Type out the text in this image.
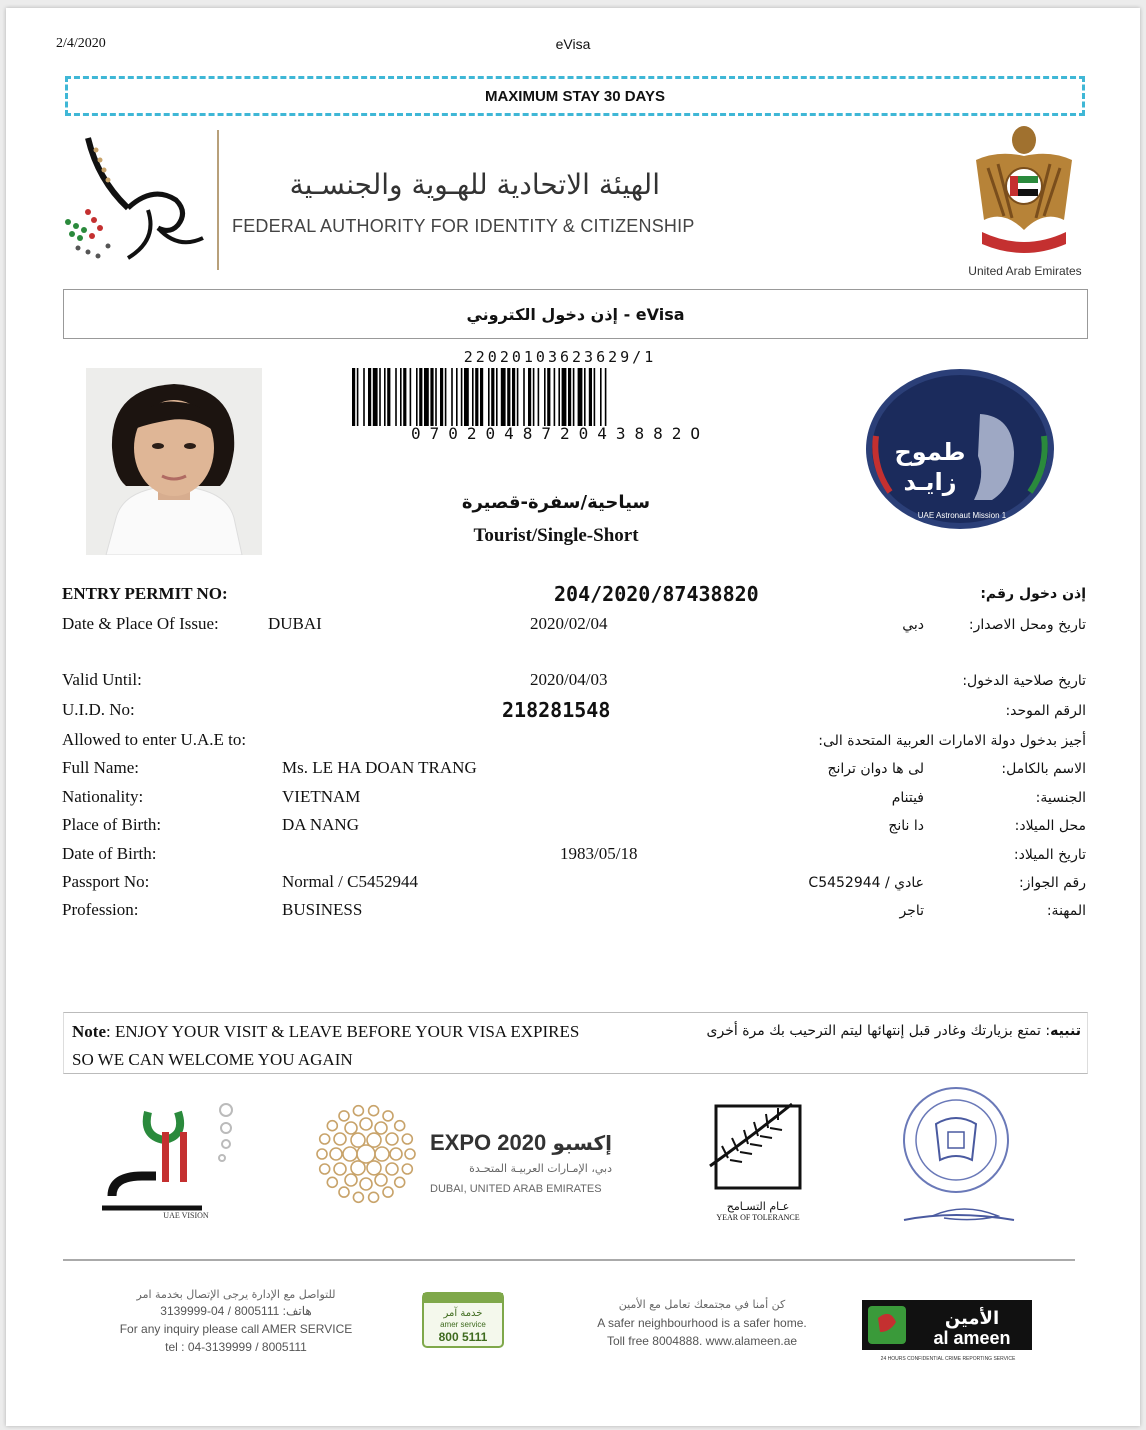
2/4/2020	eVisa
MAXIMUM STAY 30 DAYS
الهيئة الاتحادية للهـوية والجنسـية
FEDERAL AUTHORITY FOR IDENTITY & CITIZENSHIP
United Arab Emirates
إذن دخول الكتروني - eVisa
22020103623629/1
070204872043882O
طموح
زايـد
UAE Astronaut Mission 1
سياحية/سفرة-قصيرة
Tourist/Single-Short
ENTRY PERMIT NO:	204/2020/87438820	إذن دخول رقم:
Date & Place Of Issue:	DUBAI	2020/02/04	دبي	تاريخ ومحل الاصدار:
Valid Until:	2020/04/03	تاريخ صلاحية الدخول:
U.I.D. No:	218281548	الرقم الموحد:
Allowed to enter U.A.E to:	أجيز بدخول دولة الامارات العربية المتحدة الى:
Full Name:	Ms. LE HA DOAN TRANG	لى ها دوان ترانج	الاسم بالكامل:
Nationality:	VIETNAM	فيتنام	الجنسية:
Place of Birth:	DA NANG	دا نانج	محل الميلاد:
Date of Birth:	1983/05/18	تاريخ الميلاد:
Passport No:	Normal / C5452944	عادي / C5452944	رقم الجواز:
Profession:	BUSINESS	تاجر	المهنة:
Note: ENJOY YOUR VISIT & LEAVE BEFORE YOUR VISA EXPIRES SO WE CAN WELCOME YOU AGAIN
تنبيه: تمتع بزيارتك وغادر قبل إنتهائها ليتم الترحيب بك مرة أخرى
UAE VISION
EXPO 2020 إكسبو
دبي، الإمـارات العربيـة المتحـدة
DUBAI, UNITED ARAB EMIRATES
عـام التسـامح
YEAR OF TOLERANCE
للتواصل مع الإدارة يرجى الإتصال بخدمة امر
هاتف: 8005111 / 04-3139999
For any inquiry please call AMER SERVICE
tel : 04-3139999 / 8005111
خدمة آمر
amer service
800 5111
كن أمنا في مجتمعك تعامل مع الأمين
A safer neighbourhood is a safer home.
Toll free 8004888. www.alameen.ae
الأمين
al ameen
24 HOURS CONFIDENTIAL CRIME REPORTING SERVICE
